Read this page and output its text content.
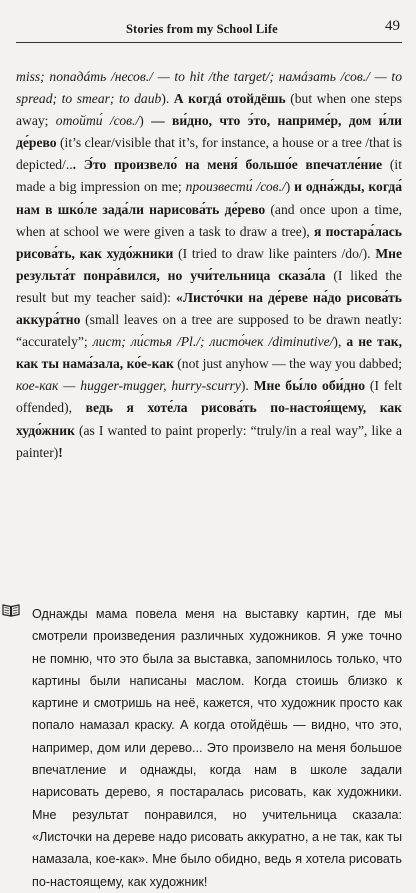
Stories from my School Life	49

miss; попадáть /несов./ — to hit /the target/; намáзать /сов./ — to spread; to smear; to daub). А когдá отойдёшь (but when one steps away; отойти́ /сов./) — ви́дно, что э́то, наприме́р, дом и́ли де́рево (it’s clear/visible that it’s, for instance, a house or a tree /that is depicted/... Э́то произвело́ на меня́ большо́е впечатле́ние (it made a big impression on me; произвести́ /сов./) и одна́жды, когда́ нам в шко́ле зада́ли нарисова́ть де́рево (and once upon a time, when at school we were given a task to draw a tree), я постара́лась рисова́ть, как худо́жники (I tried to draw like painters /do/). Мне результа́т понра́вился, но учи́тельница сказа́ла (I liked the result but my teacher said): «Листо́чки на де́реве на́до рисова́ть аккура́тно (small leaves on a tree are supposed to be drawn neatly: “accurately”; лист; ли́стья /Pl./; листо́чек /diminutive/), а не так, как ты нама́зала, ко́е-как (not just anyhow — the way you dabbed; кое-как — hugger-mugger, hurry-scurry). Мне бы́ло оби́дно (I felt offended), ведь я хоте́ла рисова́ть по-настоя́щему, как худо́жник (as I wanted to paint properly: “truly/in a real way”, like a painter)!

Однажды мама повела меня на выставку картин, где мы смотрели произведения различных художников. Я уже точно не помню, что это была за выставка, запомнилось только, что картины были написаны маслом. Когда стоишь близко к картине и смотришь на неё, кажется, что художник просто как попало намазал краску. А когда отойдёшь — видно, что это, например, дом или дерево... Это произвело на меня большое впечатление и однажды, когда нам в школе задали нарисовать дерево, я постаралась рисовать, как художники. Мне результат понравился, но учительница сказала: «Листочки на дереве надо рисовать аккуратно, а не так, как ты намазала, кое-как». Мне было обидно, ведь я хотела рисовать по-настоящему, как художник!
